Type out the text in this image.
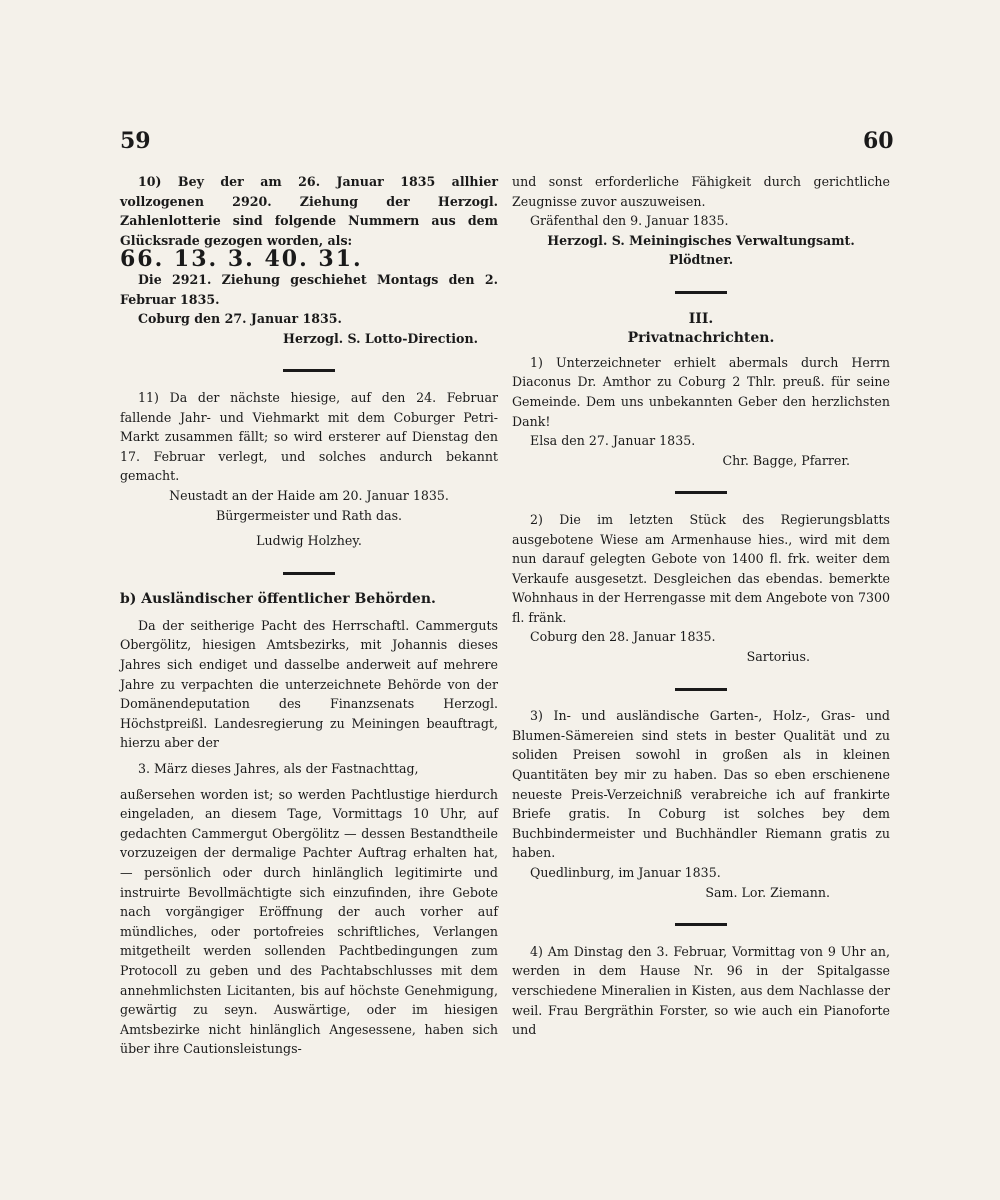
59	60

10) Bey der am 26. Januar 1835 allhier vollzogenen 2920. Ziehung der Herzogl. Zahlenlotterie sind folgende Nummern aus dem Glücksrade gezogen worden, als:

66. 13. 3. 40. 31.

Die 2921. Ziehung geschiehet Montags den 2. Februar 1835.

Coburg den 27. Januar 1835.

Herzogl. S. Lotto-Direction.

11) Da der nächste hiesige, auf den 24. Februar fallende Jahr- und Viehmarkt mit dem Coburger Petri-Markt zusammen fällt; so wird ersterer auf Dienstag den 17. Februar verlegt, und solches andurch bekannt gemacht.

Neustadt an der Haide am 20. Januar 1835.

Bürgermeister und Rath das.

Ludwig Holzhey.

b) Ausländischer öffentlicher Behörden.

Da der seitherige Pacht des Herrschaftl. Cammerguts Obergölitz, hiesigen Amtsbezirks, mit Johannis dieses Jahres sich endiget und dasselbe anderweit auf mehrere Jahre zu verpachten die unterzeichnete Behörde von der Domänendeputation des Finanzsenats Herzogl. Höchstpreißl. Landesregierung zu Meiningen beauftragt, hierzu aber der

3. März dieses Jahres, als der Fastnachttag,

außersehen worden ist; so werden Pachtlustige hierdurch eingeladen, an diesem Tage, Vormittags 10 Uhr, auf gedachten Cammergut Obergölitz — dessen Bestandtheile vorzuzeigen der dermalige Pachter Auftrag erhalten hat, — persönlich oder durch hinlänglich legitimirte und instruirte Bevollmächtigte sich einzufinden, ihre Gebote nach vorgängiger Eröffnung der auch vorher auf mündliches, oder portofreies schriftliches, Verlangen mitgetheilt werden sollenden Pachtbedingungen zum Protocoll zu geben und des Pachtabschlusses mit dem annehmlichsten Licitanten, bis auf höchste Genehmigung, gewärtig zu seyn. Auswärtige, oder im hiesigen Amtsbezirke nicht hinlänglich Angesessene, haben sich über ihre Cautionsleistungs-

und sonst erforderliche Fähigkeit durch gerichtliche Zeugnisse zuvor auszuweisen.

Gräfenthal den 9. Januar 1835.

Herzogl. S. Meiningisches Verwaltungsamt.

Plödtner.

III.

Privatnachrichten.

1) Unterzeichneter erhielt abermals durch Herrn Diaconus Dr. Amthor zu Coburg 2 Thlr. preuß. für seine Gemeinde. Dem uns unbekannten Geber den herzlichsten Dank!

Elsa den 27. Januar 1835.

Chr. Bagge, Pfarrer.

2) Die im letzten Stück des Regierungsblatts ausgebotene Wiese am Armenhause hies., wird mit dem nun darauf gelegten Gebote von 1400 fl. frk. weiter dem Verkaufe ausgesetzt. Desgleichen das ebendas. bemerkte Wohnhaus in der Herrengasse mit dem Angebote von 7300 fl. fränk.

Coburg den 28. Januar 1835.

Sartorius.

3) In- und ausländische Garten-, Holz-, Gras- und Blumen-Sämereien sind stets in bester Qualität und zu soliden Preisen sowohl in großen als in kleinen Quantitäten bey mir zu haben. Das so eben erschienene neueste Preis-Verzeichniß verabreiche ich auf frankirte Briefe gratis. In Coburg ist solches bey dem Buchbindermeister und Buchhändler Riemann gratis zu haben.

Quedlinburg, im Januar 1835.

Sam. Lor. Ziemann.

4) Am Dinstag den 3. Februar, Vormittag von 9 Uhr an, werden in dem Hause Nr. 96 in der Spitalgasse verschiedene Mineralien in Kisten, aus dem Nachlasse der weil. Frau Bergräthin Forster, so wie auch ein Pianoforte und
